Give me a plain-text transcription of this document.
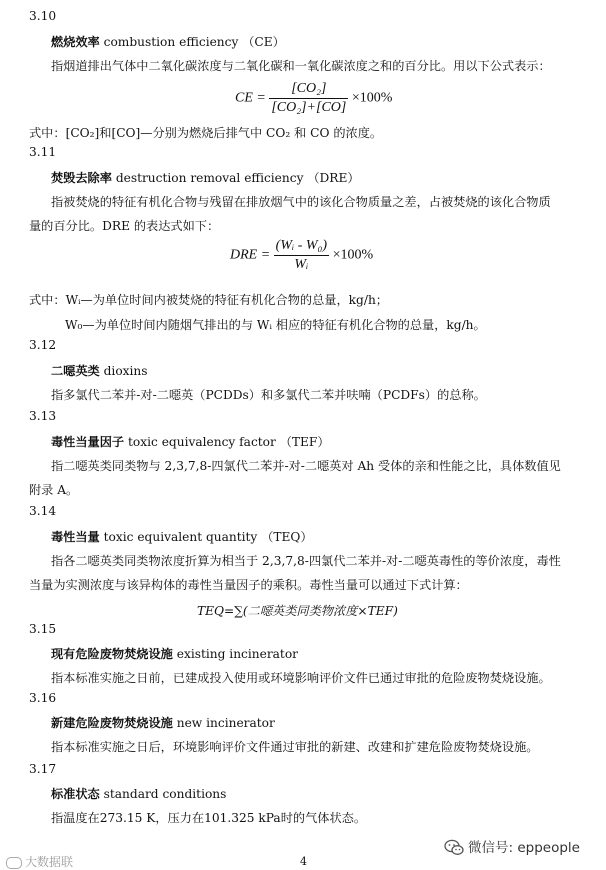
3.10
燃烧效率 combustion efficiency （CE）
指烟道排出气体中二氧化碳浓度与二氧化碳和一氧化碳浓度之和的百分比。用以下公式表示：
CE = $\frac{\text{[CO₂]}}{\text{[CO₂]+[CO]}} \times 100\%$
式中：[CO₂]和[CO]—分别为燃烧后排气中 CO₂ 和 CO 的浓度。
3.11
焚毁去除率 destruction removal efficiency （DRE）
指被焚烧的特征有机化合物与残留在排放烟气中的该化合物质量之差，占被焚烧的该化合物质
量的百分比。DRE 的表达式如下：
DRE = $\frac{\text{(Wᵢ - W₀)}}{\text{Wᵢ}} \times 100\%$
式中：Wᵢ—为单位时间内被焚烧的特征有机化合物的总量，kg/h；
W₀—为单位时间内随烟气排出的与 Wᵢ 相应的特征有机化合物的总量，kg/h。
3.12
二噁英类 dioxins
指多氯代二苯并-对-二噁英（PCDDs）和多氯代二苯并呋喃（PCDFs）的总称。
3.13
毒性当量因子 toxic equivalency factor （TEF）
指二噁英类同类物与 2,3,7,8-四氯代二苯并-对-二噁英对 Ah 受体的亲和性能之比，具体数值见
附录 A。
3.14
毒性当量 toxic equivalent quantity （TEQ）
指各二噁英类同类物浓度折算为相当于 2,3,7,8-四氯代二苯并-对-二噁英毒性的等价浓度，毒性
当量为实测浓度与该异构体的毒性当量因子的乘积。毒性当量可以通过下式计算：
TEQ=∑(二噁英类同类物浓度×TEF)
3.15
现有危险废物焚烧设施 existing incinerator
指本标准实施之日前，已建成投入使用或环境影响评价文件已通过审批的危险废物焚烧设施。
3.16
新建危险废物焚烧设施 new incinerator
指本标准实施之日后，环境影响评价文件通过审批的新建、改建和扩建危险废物焚烧设施。
3.17
标准状态 standard conditions
指温度在273.15 K，压力在101.325 kPa时的气体状态。
大数据联	4
微信号: eppeople
